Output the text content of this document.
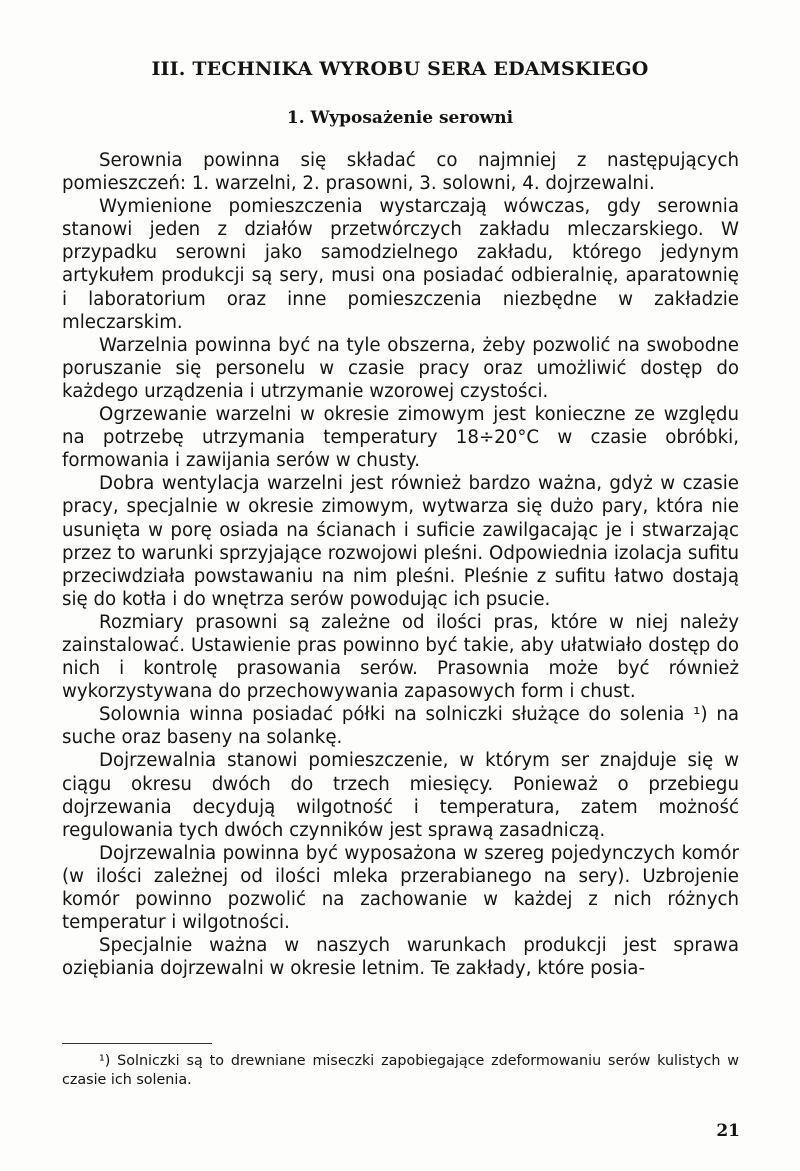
III. TECHNIKA WYROBU SERA EDAMSKIEGO
1. Wyposażenie serowni

Serownia powinna się składać co najmniej z następujących pomieszczeń: 1. warzelni, 2. prasowni, 3. solowni, 4. dojrzewalni.

Wymienione pomieszczenia wystarczają wówczas, gdy serownia stanowi jeden z działów przetwórczych zakładu mleczarskiego. W przypadku serowni jako samodzielnego zakładu, którego jedynym artykułem produkcji są sery, musi ona posiadać odbieralnię, aparatownię i laboratorium oraz inne pomieszczenia niezbędne w zakładzie mleczarskim.

Warzelnia powinna być na tyle obszerna, żeby pozwolić na swobodne poruszanie się personelu w czasie pracy oraz umożliwić dostęp do każdego urządzenia i utrzymanie wzorowej czystości.

Ogrzewanie warzelni w okresie zimowym jest konieczne ze względu na potrzebę utrzymania temperatury 18÷20°C w czasie obróbki, formowania i zawijania serów w chusty.

Dobra wentylacja warzelni jest również bardzo ważna, gdyż w czasie pracy, specjalnie w okresie zimowym, wytwarza się dużo pary, która nie usunięta w porę osiada na ścianach i suficie zawilgacając je i stwarzając przez to warunki sprzyjające rozwojowi pleśni. Odpowiednia izolacja sufitu przeciwdziała powstawaniu na nim pleśni. Pleśnie z sufitu łatwo dostają się do kotła i do wnętrza serów powodując ich psucie.

Rozmiary prasowni są zależne od ilości pras, które w niej należy zainstalować. Ustawienie pras powinno być takie, aby ułatwiało dostęp do nich i kontrolę prasowania serów. Prasownia może być również wykorzystywana do przechowywania zapasowych form i chust.

Solownia winna posiadać półki na solniczki służące do solenia ¹) na suche oraz baseny na solankę.

Dojrzewalnia stanowi pomieszczenie, w którym ser znajduje się w ciągu okresu dwóch do trzech miesięcy. Ponieważ o przebiegu dojrzewania decydują wilgotność i temperatura, zatem możność regulowania tych dwóch czynników jest sprawą zasadniczą.

Dojrzewalnia powinna być wyposażona w szereg pojedynczych komór (w ilości zależnej od ilości mleka przerabianego na sery). Uzbrojenie komór powinno pozwolić na zachowanie w każdej z nich różnych temperatur i wilgotności.

Specjalnie ważna w naszych warunkach produkcji jest sprawa oziębiania dojrzewalni w okresie letnim. Te zakłady, które posia-

¹) Solniczki są to drewniane miseczki zapobiegające zdeformowaniu serów kulistych w czasie ich solenia.

21
